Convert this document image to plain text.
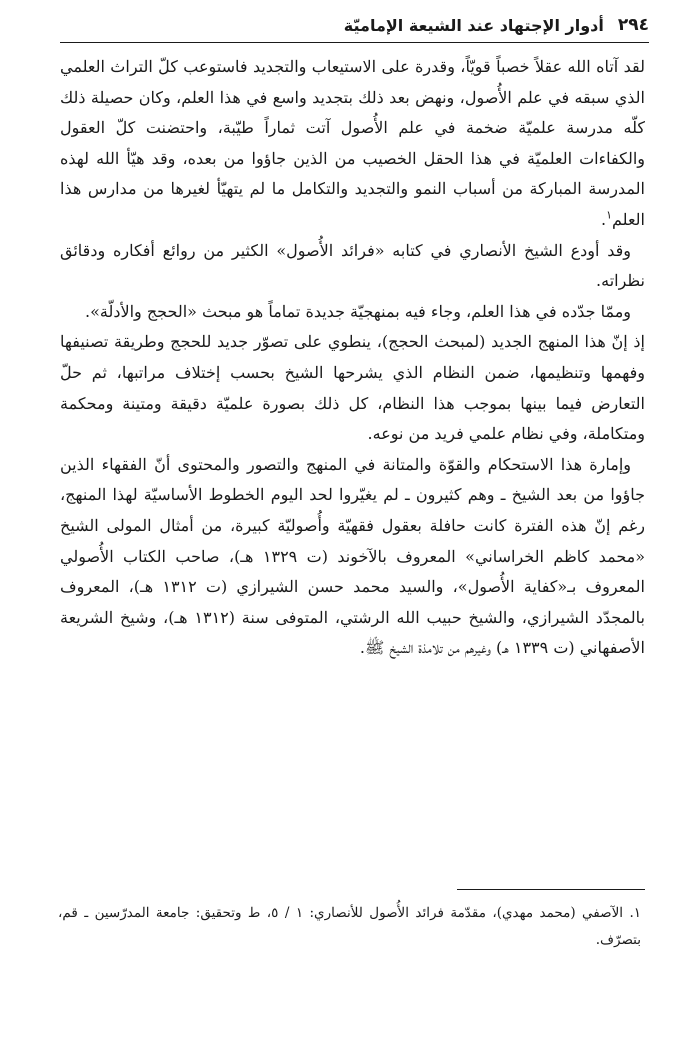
٢٩٤
أدوار الإجتهاد عند الشيعة الإماميّة

لقد آتاه الله عقلاً خصباً قويّاً، وقدرة على الاستيعاب والتجديد فاستوعب كلّ التراث العلمي الذي سبقه في علم الأُصول، ونهض بعد ذلك بتجديد واسع في هذا العلم، وكان حصيلة ذلك كلّه مدرسة علميّة ضخمة في علم الأُصول آتت ثماراً طيّبة، واحتضنت كلّ العقول والكفاءات العلميّة في هذا الحقل الخصيب من الذين جاؤوا من بعده، وقد هيّأ الله لهذه المدرسة المباركة من أسباب النمو والتجديد والتكامل ما لم يتهيّأ لغيرها من مدارس هذا العلم$^١$.

وقد أودع الشيخ الأنصاري في كتابه «فرائد الأُصول» الكثير من روائع أفكاره ودقائق نظراته.

وممّا جدّده في هذا العلم، وجاء فيه بمنهجيّة جديدة تماماً هو مبحث «الحجج والأدلّة».

إذ إنّ هذا المنهج الجديد (لمبحث الحجج)، ينطوي على تصوّر جديد للحجج وطريقة تصنيفها وفهمها وتنظيمها، ضمن النظام الذي يشرحها الشيخ بحسب إختلاف مراتبها، ثم حلّ التعارض فيما بينها بموجب هذا النظام، كل ذلك بصورة علميّة دقيقة ومتينة ومحكمة ومتكاملة، وفي نظام علمي فريد من نوعه.

وإمارة هذا الاستحكام والقوّة والمتانة في المنهج والتصور والمحتوى أنّ الفقهاء الذين جاؤوا من بعد الشيخ ـ وهم كثيرون ـ لم يغيّروا لحد اليوم الخطوط الأساسيّة لهذا المنهج، رغم إنّ هذه الفترة كانت حافلة بعقول فقهيّة وأُصوليّة كبيرة، من أمثال المولى الشيخ «محمد كاظم الخراساني» المعروف بالآخوند (ت ١٣٢٩ هـ)، صاحب الكتاب الأُصولي المعروف بـ«كفاية الأُصول»، والسيد محمد حسن الشيرازي (ت ١٣١٢ هـ)، المعروف بالمجدّد الشيرازي، والشيخ حبيب الله الرشتي، المتوفى سنة (١٣١٢ هـ)، وشيخ الشريعة الأصفهاني (ت ١٣٣٩ هـ) وغيرهم من تلامذة الشيخ ﷺ.

١. الآصفي (محمد مهدي)، مقدّمة فرائد الأُصول للأنصاري: ١ / ٥، ط وتحقيق: جامعة المدرّسين ـ قم، بتصرّف.
